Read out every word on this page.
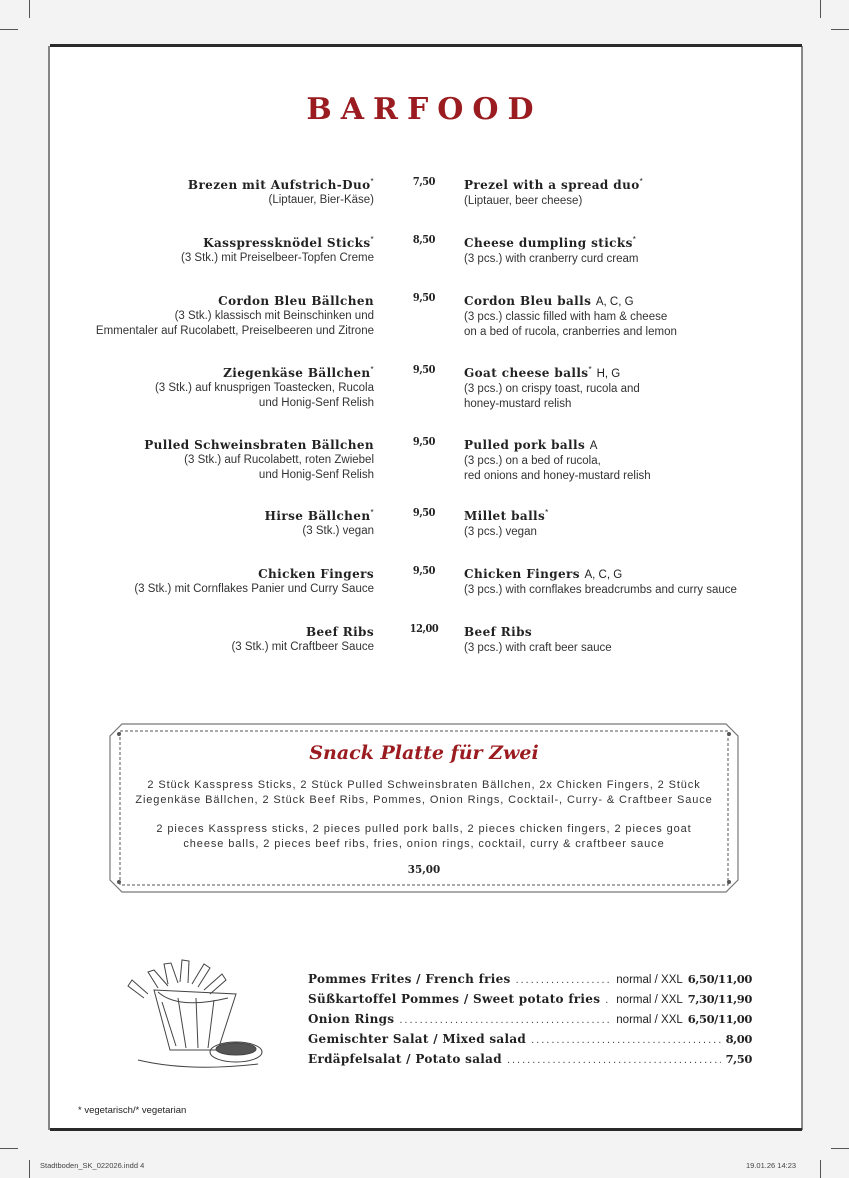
BARFOOD
Brezen mit Aufstrich-Duo*
(Liptauer, Bier-Käse)
7,50	Prezel with a spread duo*
(Liptauer, beer cheese)
Kasspressknödel Sticks*
(3 Stk.) mit Preiselbeer-Topfen Creme
8,50	Cheese dumpling sticks*
(3 pcs.) with cranberry curd cream
Cordon Bleu Bällchen
(3 Stk.) klassisch mit Beinschinken und
Emmentaler auf Rucolabett, Preiselbeeren und Zitrone
9,50	Cordon Bleu balls A, C, G
(3 pcs.) classic filled with ham & cheese
on a bed of rucola, cranberries and lemon
Ziegenkäse Bällchen*
(3 Stk.) auf knusprigen Toastecken, Rucola
und Honig-Senf Relish
9,50	Goat cheese balls* H, G
(3 pcs.) on crispy toast, rucola and
honey-mustard relish
Pulled Schweinsbraten Bällchen
(3 Stk.) auf Rucolabett, roten Zwiebel
und Honig-Senf Relish
9,50	Pulled pork balls A
(3 pcs.) on a bed of rucola,
red onions and honey-mustard relish
Hirse Bällchen*
(3 Stk.) vegan
9,50	Millet balls*
(3 pcs.) vegan
Chicken Fingers
(3 Stk.) mit Cornflakes Panier und Curry Sauce
9,50	Chicken Fingers A, C, G
(3 pcs.) with cornflakes breadcrumbs and curry sauce
Beef Ribs
(3 Stk.) mit Craftbeer Sauce
12,00 Beef Ribs
(3 pcs.) with craft beer sauce
Snack Platte für Zwei
2 Stück Kasspress Sticks, 2 Stück Pulled Schweinsbraten Bällchen, 2x Chicken Fingers, 2 Stück
Ziegenkäse Bällchen, 2 Stück Beef Ribs, Pommes, Onion Rings, Cocktail-, Curry- & Craftbeer Sauce
2 pieces Kasspress sticks, 2 pieces pulled pork balls, 2 pieces chicken fingers, 2 pieces goat
cheese balls, 2 pieces beef ribs, fries, onion rings, cocktail, curry & craftbeer sauce
35,00
Pommes Frites / French fries .....	normal / XXL 6,50/11,00
Süßkartoffel Pommes / Sweet potato fries ..... normal / XXL 7,30/11,90
Onion Rings .....	normal / XXL 6,50/11,00
Gemischter Salat / Mixed salad .....	8,00
Erdäpfelsalat / Potato salad .....	7,50
* vegetarisch/* vegetarian
Stadtboden_SK_022026.indd 4	19.01.26 14:23
